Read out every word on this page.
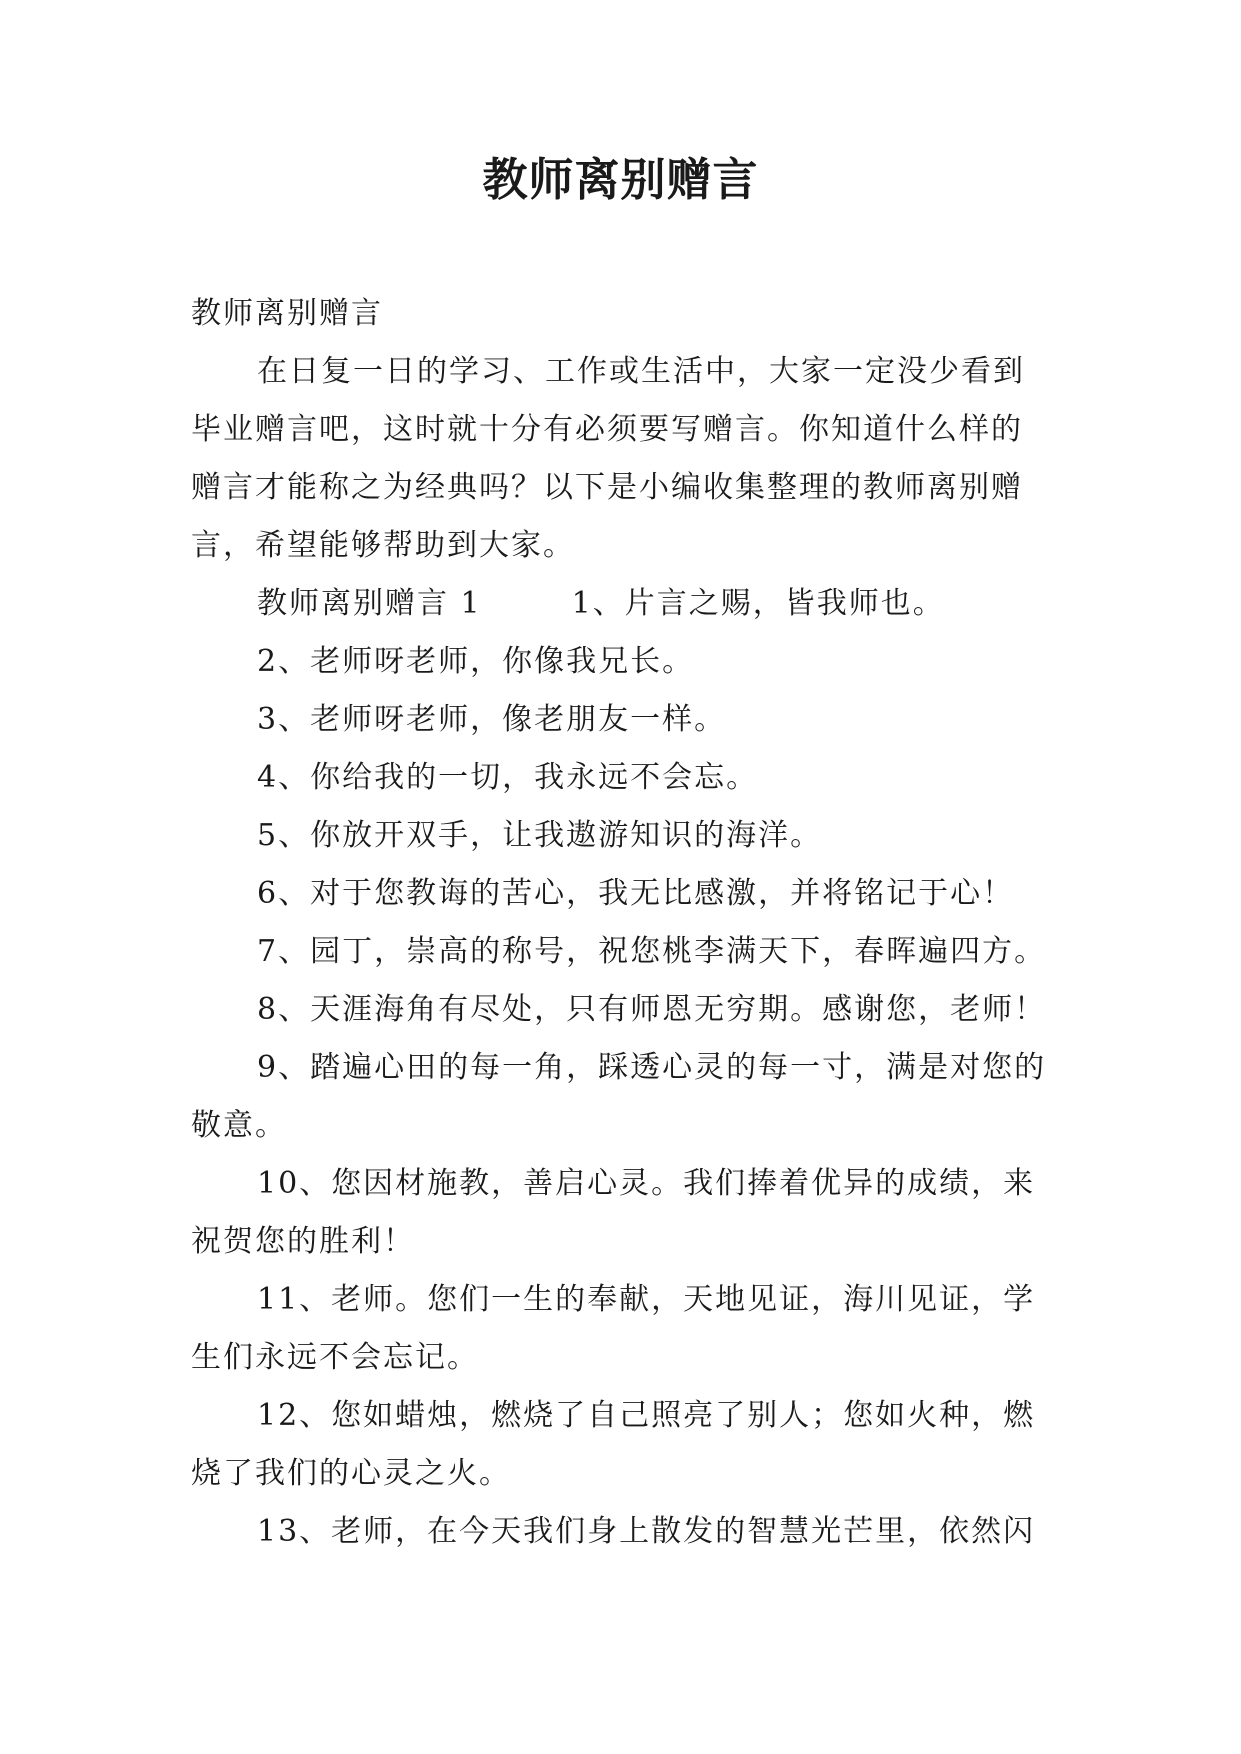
教师离别赠言

教师离别赠言

在日复一日的学习、工作或生活中，大家一定没少看到毕业赠言吧，这时就十分有必须要写赠言。你知道什么样的赠言才能称之为经典吗？以下是小编收集整理的教师离别赠言，希望能够帮助到大家。

教师离别赠言 1	1、片言之赐，皆我师也。

2、老师呀老师，你像我兄长。

3、老师呀老师，像老朋友一样。

4、你给我的一切，我永远不会忘。

5、你放开双手，让我遨游知识的海洋。

6、对于您教诲的苦心，我无比感激，并将铭记于心！

7、园丁，崇高的称号，祝您桃李满天下，春晖遍四方。

8、天涯海角有尽处，只有师恩无穷期。感谢您，老师！

9、踏遍心田的每一角，踩透心灵的每一寸，满是对您的敬意。

10、您因材施教，善启心灵。我们捧着优异的成绩，来祝贺您的胜利！

11、老师。您们一生的奉献，天地见证，海川见证，学生们永远不会忘记。

12、您如蜡烛，燃烧了自己照亮了别人；您如火种，燃烧了我们的心灵之火。

13、老师，在今天我们身上散发的智慧光芒里，依然闪
